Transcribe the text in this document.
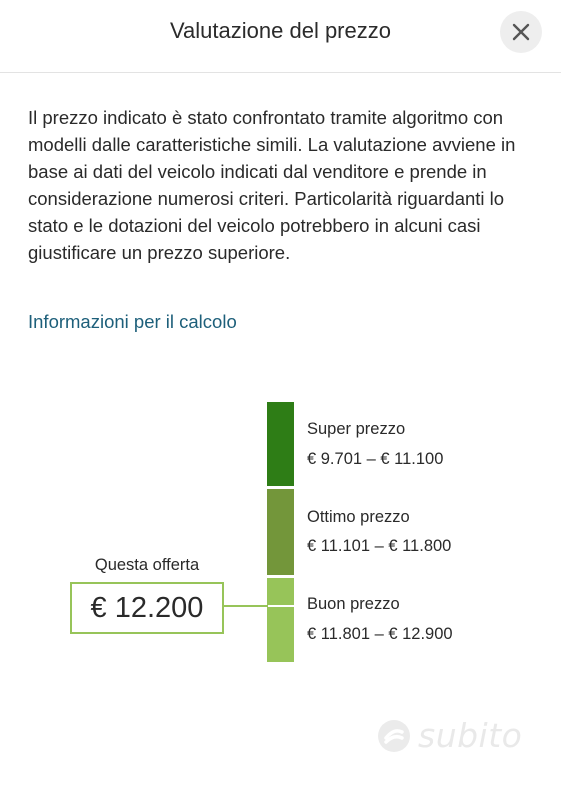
Valutazione del prezzo

Il prezzo indicato è stato confrontato tramite algoritmo con modelli dalle caratteristiche simili. La valutazione avviene in base ai dati del veicolo indicati dal venditore e prende in considerazione numerosi criteri. Particolarità riguardanti lo stato e le dotazioni del veicolo potrebbero in alcuni casi giustificare un prezzo superiore.

Informazioni per il calcolo
Super prezzo
€ 9.701 – € 11.100
Ottimo prezzo
€ 11.101 – € 11.800
Buon prezzo
€ 11.801 – € 12.900
Questa offerta
€ 12.200
subito
